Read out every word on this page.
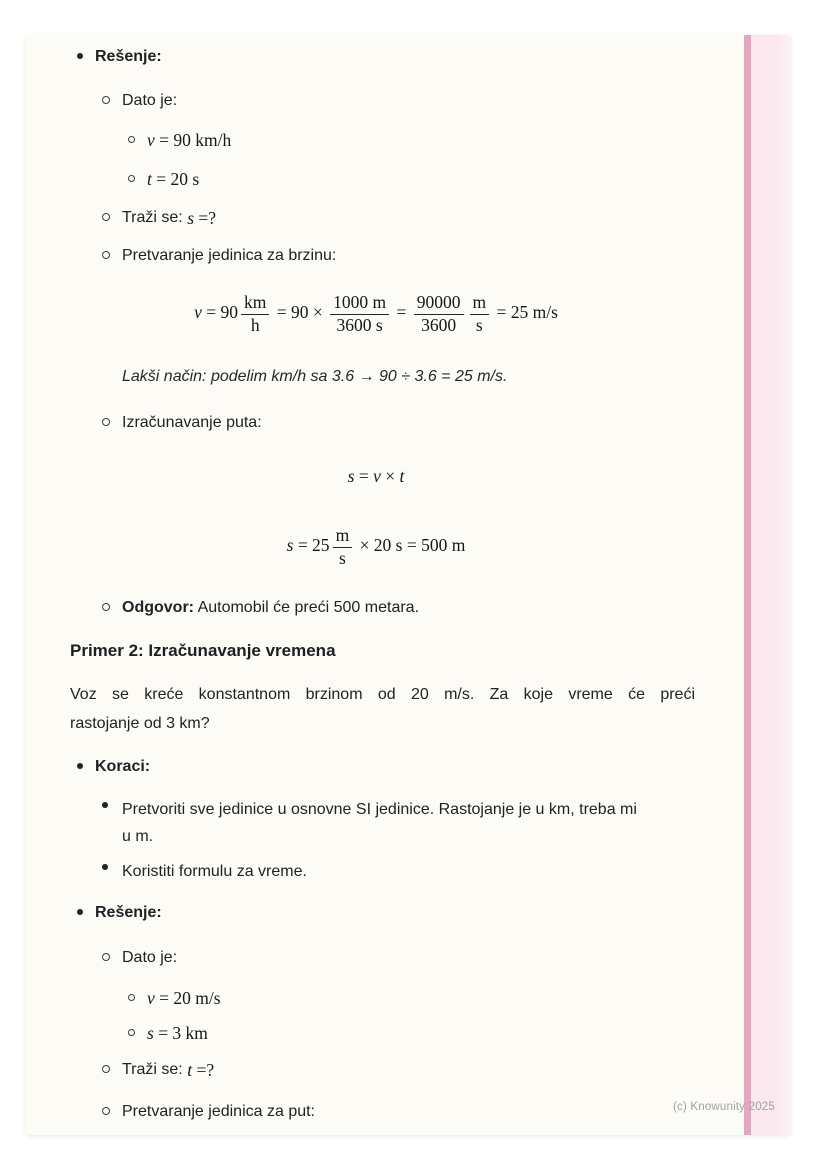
Rešenje:
Dato je:
v = 90 km/h
t = 20 s
Traži se: s =?
Pretvaranje jedinica za brzinu:
$v = 90 \frac{km}{h} = 90 \times \frac{1000 m}{3600 s} = \frac{90000}{3600} \frac{m}{s} = 25$ m/s
Lakši način: podelim km/h sa 3.6 → 90 ÷ 3.6 = 25 m/s.
Izračunavanje puta:
s = v × t
$s = 25 \frac{m}{s} \times 20$ s = 500 m
Odgovor: Automobil će preći 500 metara.
Primer 2: Izračunavanje vremena
Voz se kreće konstantnom brzinom od 20 m/s. Za koje vreme će preći
rastojanje od 3 km?
Koraci:
Pretvoriti sve jedinice u osnovne SI jedinice. Rastojanje je u km, treba mi
u m.
Koristiti formulu za vreme.
Rešenje:
Dato je:
v = 20 m/s
s = 3 km
Traži se: t =?
Pretvaranje jedinica za put:	(c) Knowunity 2025
